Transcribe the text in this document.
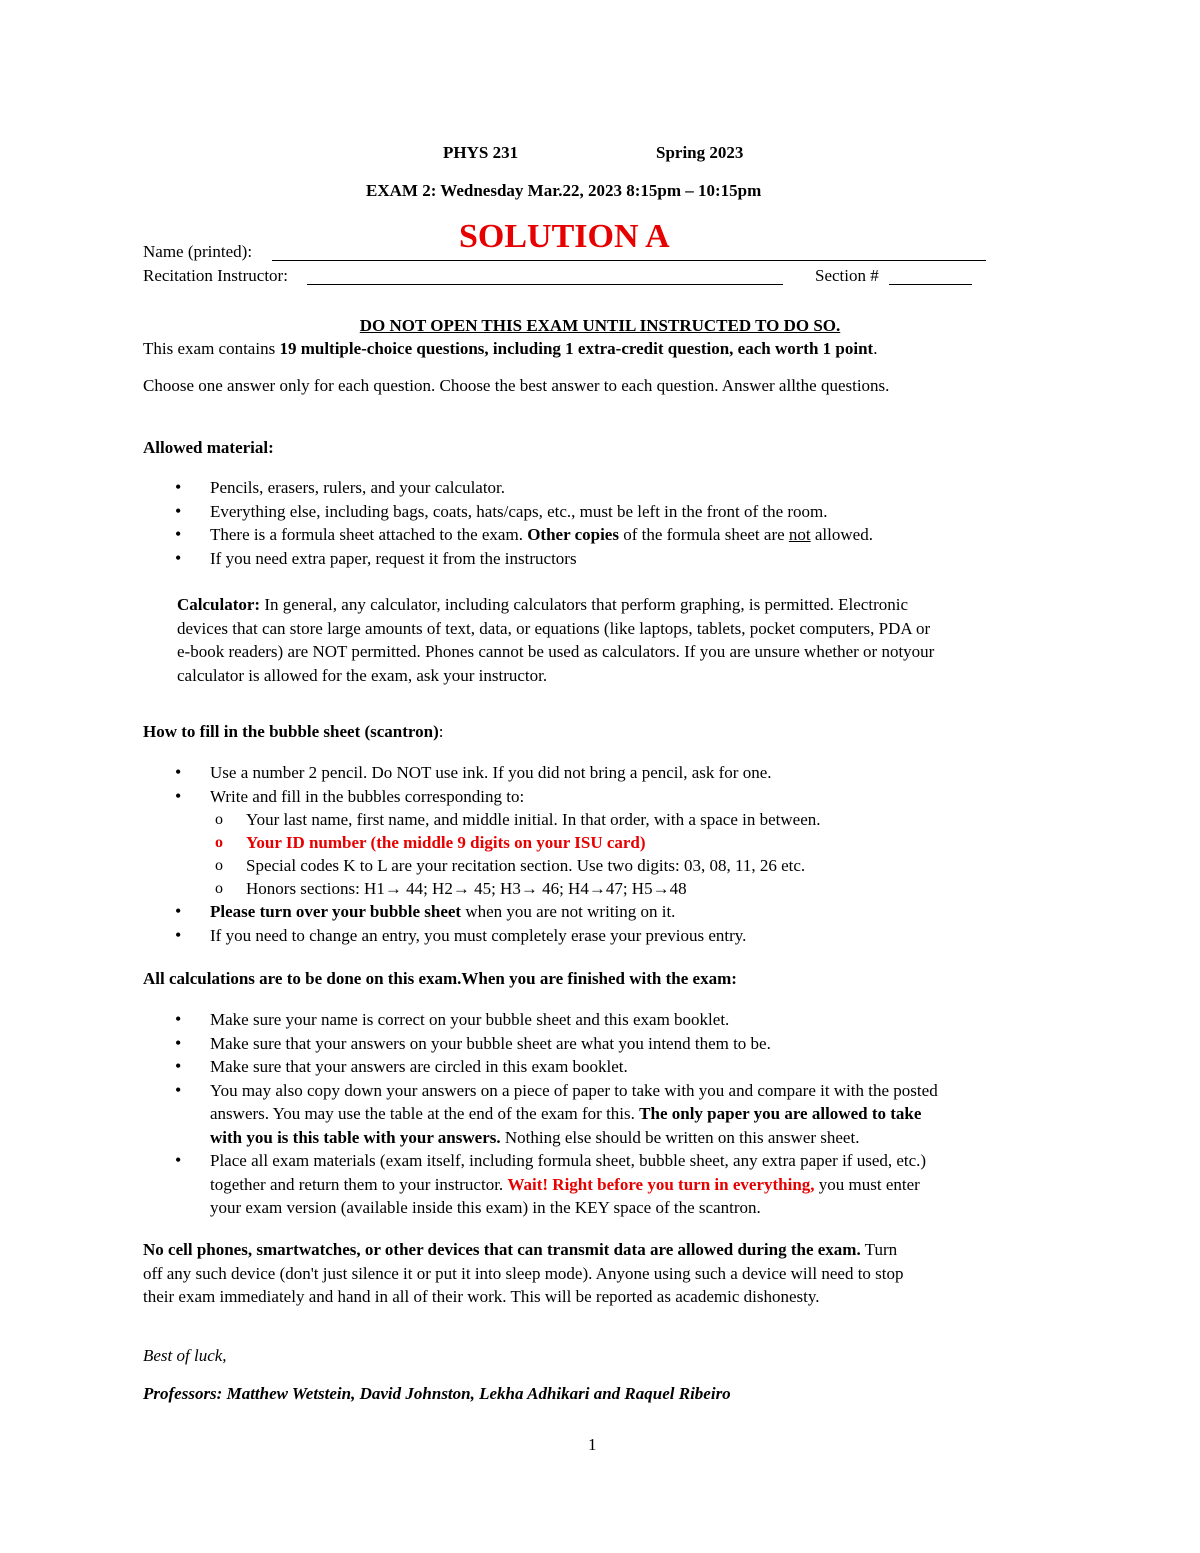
PHYS 231	Spring 2023
EXAM 2: Wednesday Mar.22, 2023 8:15pm – 10:15pm
Name (printed):	SOLUTION A
Recitation Instructor:	Section #
DO NOT OPEN THIS EXAM UNTIL INSTRUCTED TO DO SO.
This exam contains 19 multiple-choice questions, including 1 extra-credit question, each worth 1 point.
Choose one answer only for each question. Choose the best answer to each question. Answer allthe questions.
Allowed material:
• Pencils, erasers, rulers, and your calculator.
• Everything else, including bags, coats, hats/caps, etc., must be left in the front of the room.
• There is a formula sheet attached to the exam. Other copies of the formula sheet are not allowed.
• If you need extra paper, request it from the instructors
Calculator: In general, any calculator, including calculators that perform graphing, is permitted. Electronic
devices that can store large amounts of text, data, or equations (like laptops, tablets, pocket computers, PDA or
e-book readers) are NOT permitted. Phones cannot be used as calculators. If you are unsure whether or notyour
calculator is allowed for the exam, ask your instructor.
How to fill in the bubble sheet (scantron):
• Use a number 2 pencil. Do NOT use ink. If you did not bring a pencil, ask for one.
• Write and fill in the bubbles corresponding to:
o Your last name, first name, and middle initial. In that order, with a space in between.
o Your ID number (the middle 9 digits on your ISU card)
o Special codes K to L are your recitation section. Use two digits: 03, 08, 11, 26 etc.
o Honors sections: H1→ 44; H2→ 45; H3→ 46; H4→47; H5→48
• Please turn over your bubble sheet when you are not writing on it.
• If you need to change an entry, you must completely erase your previous entry.
All calculations are to be done on this exam.When you are finished with the exam:
• Make sure your name is correct on your bubble sheet and this exam booklet.
• Make sure that your answers on your bubble sheet are what you intend them to be.
• Make sure that your answers are circled in this exam booklet.
• You may also copy down your answers on a piece of paper to take with you and compare it with the posted
answers. You may use the table at the end of the exam for this. The only paper you are allowed to take
with you is this table with your answers. Nothing else should be written on this answer sheet.
• Place all exam materials (exam itself, including formula sheet, bubble sheet, any extra paper if used, etc.)
together and return them to your instructor. Wait! Right before you turn in everything, you must enter
your exam version (available inside this exam) in the KEY space of the scantron.
No cell phones, smartwatches, or other devices that can transmit data are allowed during the exam. Turn
off any such device (don't just silence it or put it into sleep mode). Anyone using such a device will need to stop
their exam immediately and hand in all of their work. This will be reported as academic dishonesty.
Best of luck,
Professors: Matthew Wetstein, David Johnston, Lekha Adhikari and Raquel Ribeiro
1
